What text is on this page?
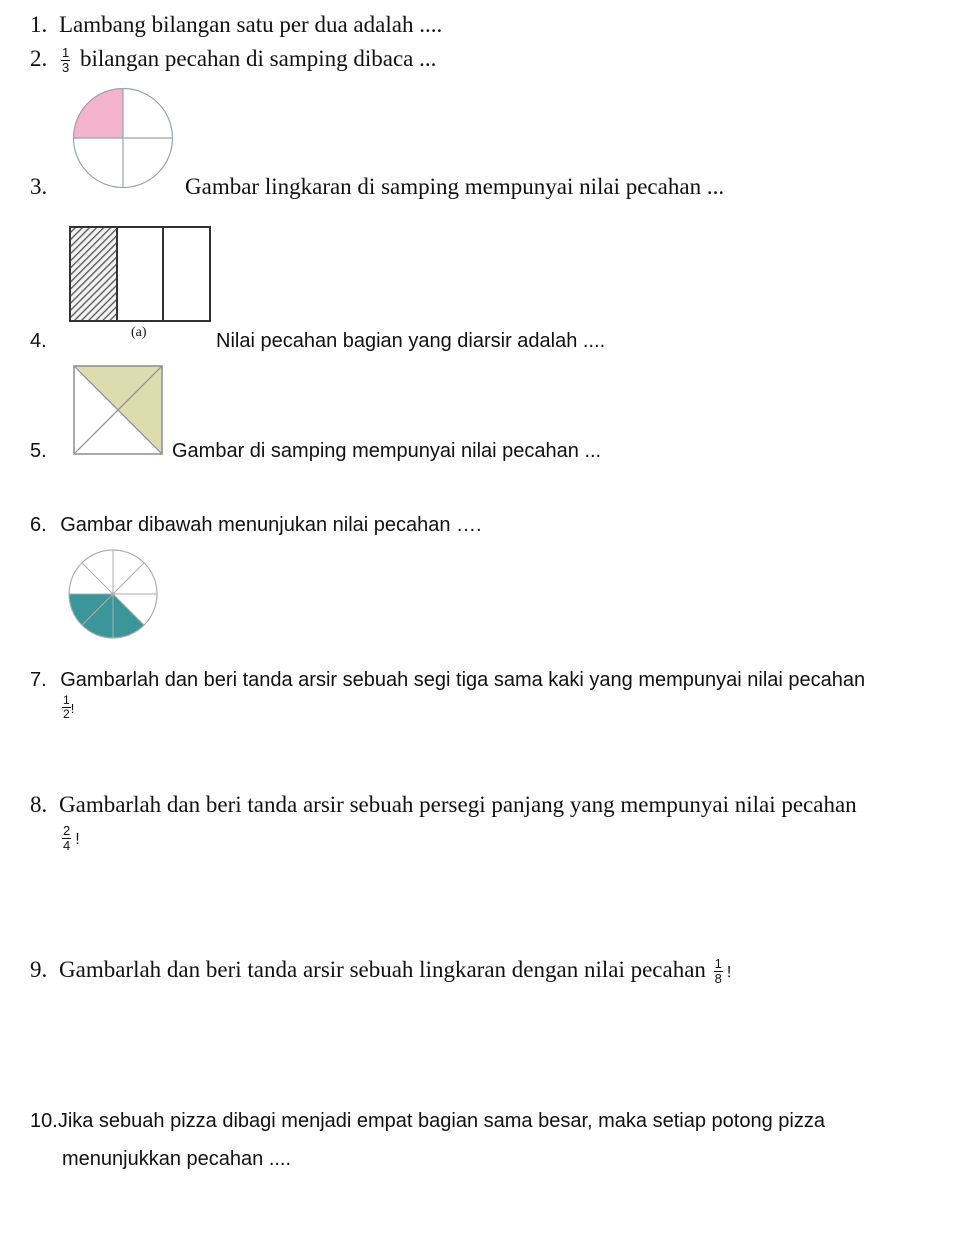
1. Lambang bilangan satu per dua adalah ....
2. $\frac{1}{3}$ bilangan pecahan di samping dibaca ...
3.	Gambar lingkaran di samping mempunyai nilai pecahan ...
4.	(a)	Nilai pecahan bagian yang diarsir adalah ....
5.	Gambar di samping mempunyai nilai pecahan ...
6. Gambar dibawah menunjukan nilai pecahan ….
7. Gambarlah dan beri tanda arsir sebuah segi tiga sama kaki yang mempunyai nilai pecahan
$\frac{1}{2}$ !
8. Gambarlah dan beri tanda arsir sebuah persegi panjang yang mempunyai nilai pecahan
$\frac{2}{4}$ !
9. Gambarlah dan beri tanda arsir sebuah lingkaran dengan nilai pecahan $\frac{1}{8}$ !
10.Jika sebuah pizza dibagi menjadi empat bagian sama besar, maka setiap potong pizza
menunjukkan pecahan ....
